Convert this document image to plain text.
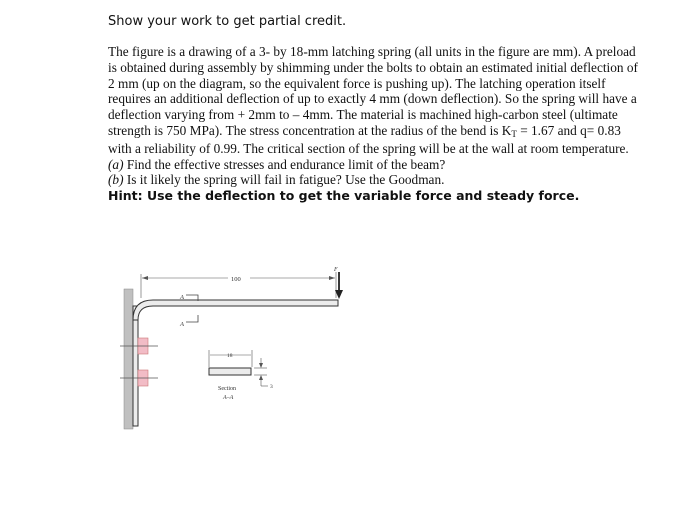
Show your work to get partial credit.

The figure is a drawing of a 3- by 18-mm latching spring (all units in the figure are mm). A preload is obtained during assembly by shimming under the bolts to obtain an estimated initial deflection of 2 mm (up on the diagram, so the equivalent force is pushing up). The latching operation itself requires an additional deflection of up to exactly 4 mm (down deflection). So the spring will have a deflection varying from + 2mm to – 4mm. The material is machined high-carbon steel (ultimate strength is 750 MPa). The stress concentration at the radius of the bend is KT = 1.67 and q= 0.83 with a reliability of 0.99. The critical section of the spring will be at the wall at room temperature.

(a) Find the effective stresses and endurance limit of the beam?

(b) Is it likely the spring will fail in fatigue? Use the Goodman.

Hint: Use the deflection to get the variable force and steady force.

100
F
A
A
18
3
Section
A–A
